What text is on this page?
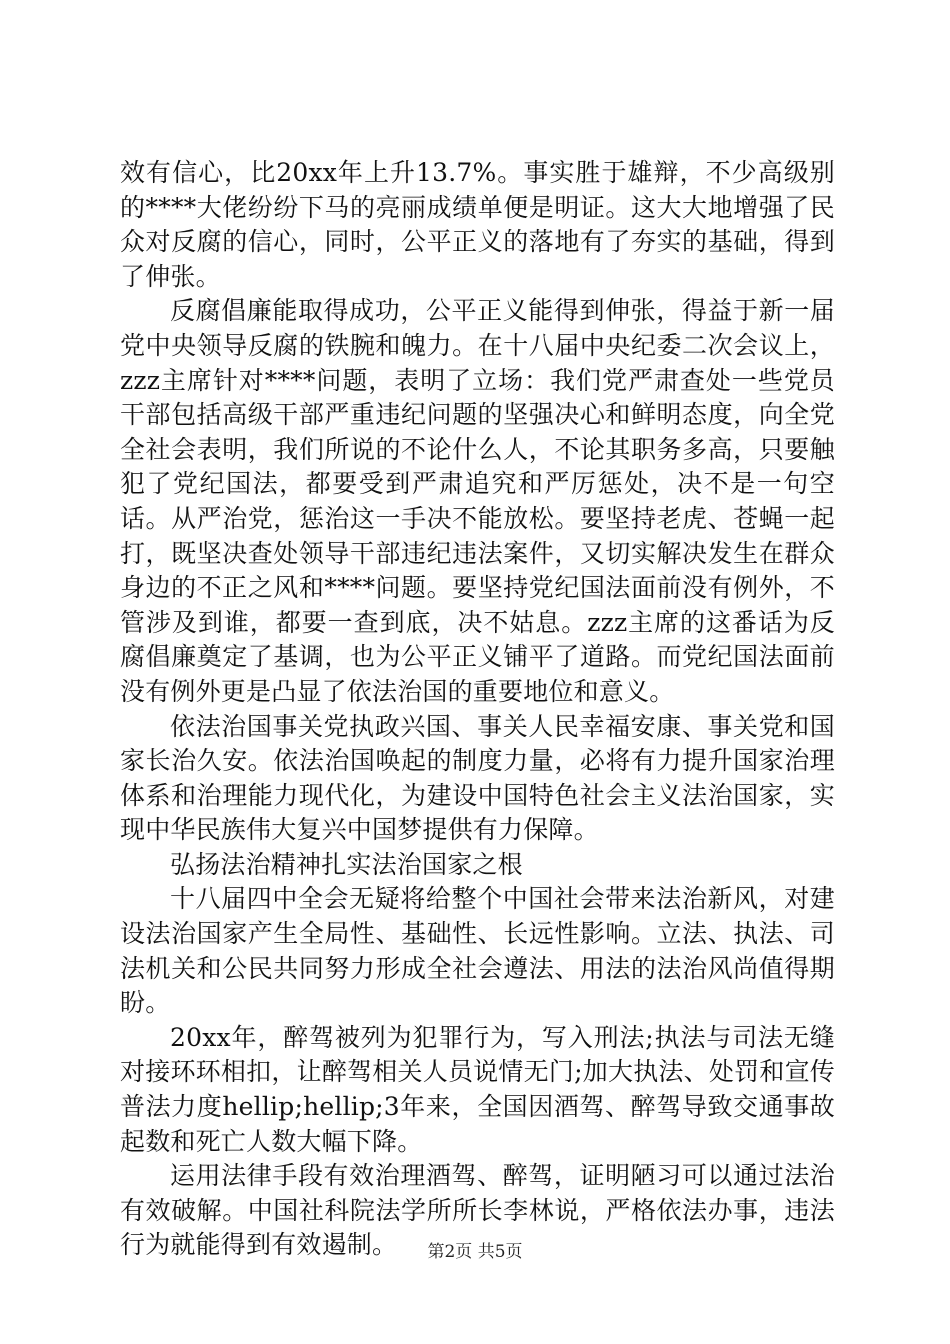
效有信心，比20xx年上升13.7%。事实胜于雄辩，不少高级别的****大佬纷纷下马的亮丽成绩单便是明证。这大大地增强了民众对反腐的信心，同时，公平正义的落地有了夯实的基础，得到了伸张。

反腐倡廉能取得成功，公平正义能得到伸张，得益于新一届党中央领导反腐的铁腕和魄力。在十八届中央纪委二次会议上，zzz主席针对****问题，表明了立场：我们党严肃查处一些党员干部包括高级干部严重违纪问题的坚强决心和鲜明态度，向全党全社会表明，我们所说的不论什么人，不论其职务多高，只要触犯了党纪国法，都要受到严肃追究和严厉惩处，决不是一句空话。从严治党，惩治这一手决不能放松。要坚持老虎、苍蝇一起打，既坚决查处领导干部违纪违法案件，又切实解决发生在群众身边的不正之风和****问题。要坚持党纪国法面前没有例外，不管涉及到谁，都要一查到底，决不姑息。zzz主席的这番话为反腐倡廉奠定了基调，也为公平正义铺平了道路。而党纪国法面前没有例外更是凸显了依法治国的重要地位和意义。

依法治国事关党执政兴国、事关人民幸福安康、事关党和国家长治久安。依法治国唤起的制度力量，必将有力提升国家治理体系和治理能力现代化，为建设中国特色社会主义法治国家，实现中华民族伟大复兴中国梦提供有力保障。

弘扬法治精神扎实法治国家之根

十八届四中全会无疑将给整个中国社会带来法治新风，对建设法治国家产生全局性、基础性、长远性影响。立法、执法、司法机关和公民共同努力形成全社会遵法、用法的法治风尚值得期盼。

20xx年，醉驾被列为犯罪行为，写入刑法;执法与司法无缝对接环环相扣，让醉驾相关人员说情无门;加大执法、处罚和宣传普法力度hellip;hellip;3年来，全国因酒驾、醉驾导致交通事故起数和死亡人数大幅下降。

运用法律手段有效治理酒驾、醉驾，证明陋习可以通过法治有效破解。中国社科院法学所所长李林说，严格依法办事，违法行为就能得到有效遏制。	第2页 共5页
